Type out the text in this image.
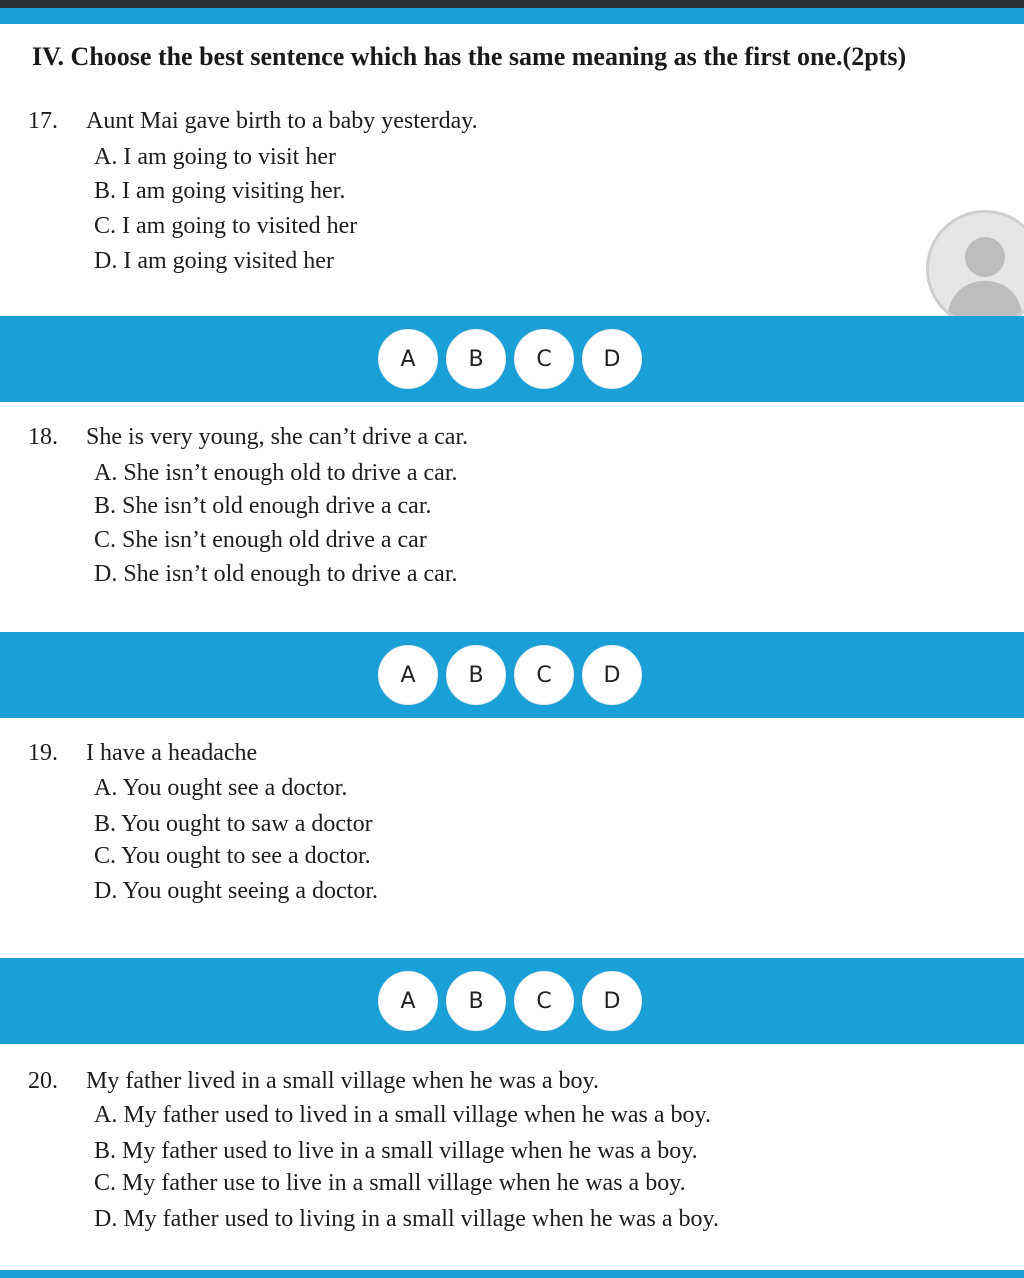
IV. Choose the best sentence which has the same meaning as the first one.(2pts)
17. Aunt Mai gave birth to a baby yesterday.
A. I am going to visit her
B. I am going visiting her.
C. I am going to visited her
D. I am going visited her
A	B	C	D
18. She is very young, she can’t drive a car.
A. She isn’t enough old to drive a car.
B. She isn’t old enough drive a car.
C. She isn’t enough old drive a car
D. She isn’t old enough to drive a car.
A	B	C	D
19. I have a headache
A. You ought see a doctor.
B. You ought to saw a doctor
C. You ought to see a doctor.
D. You ought seeing a doctor.
A	B	C	D
20. My father lived in a small village when he was a boy.
A. My father used to lived in a small village when he was a boy.
B. My father used to live in a small village when he was a boy.
C. My father use to live in a small village when he was a boy.
D. My father used to living in a small village when he was a boy.
